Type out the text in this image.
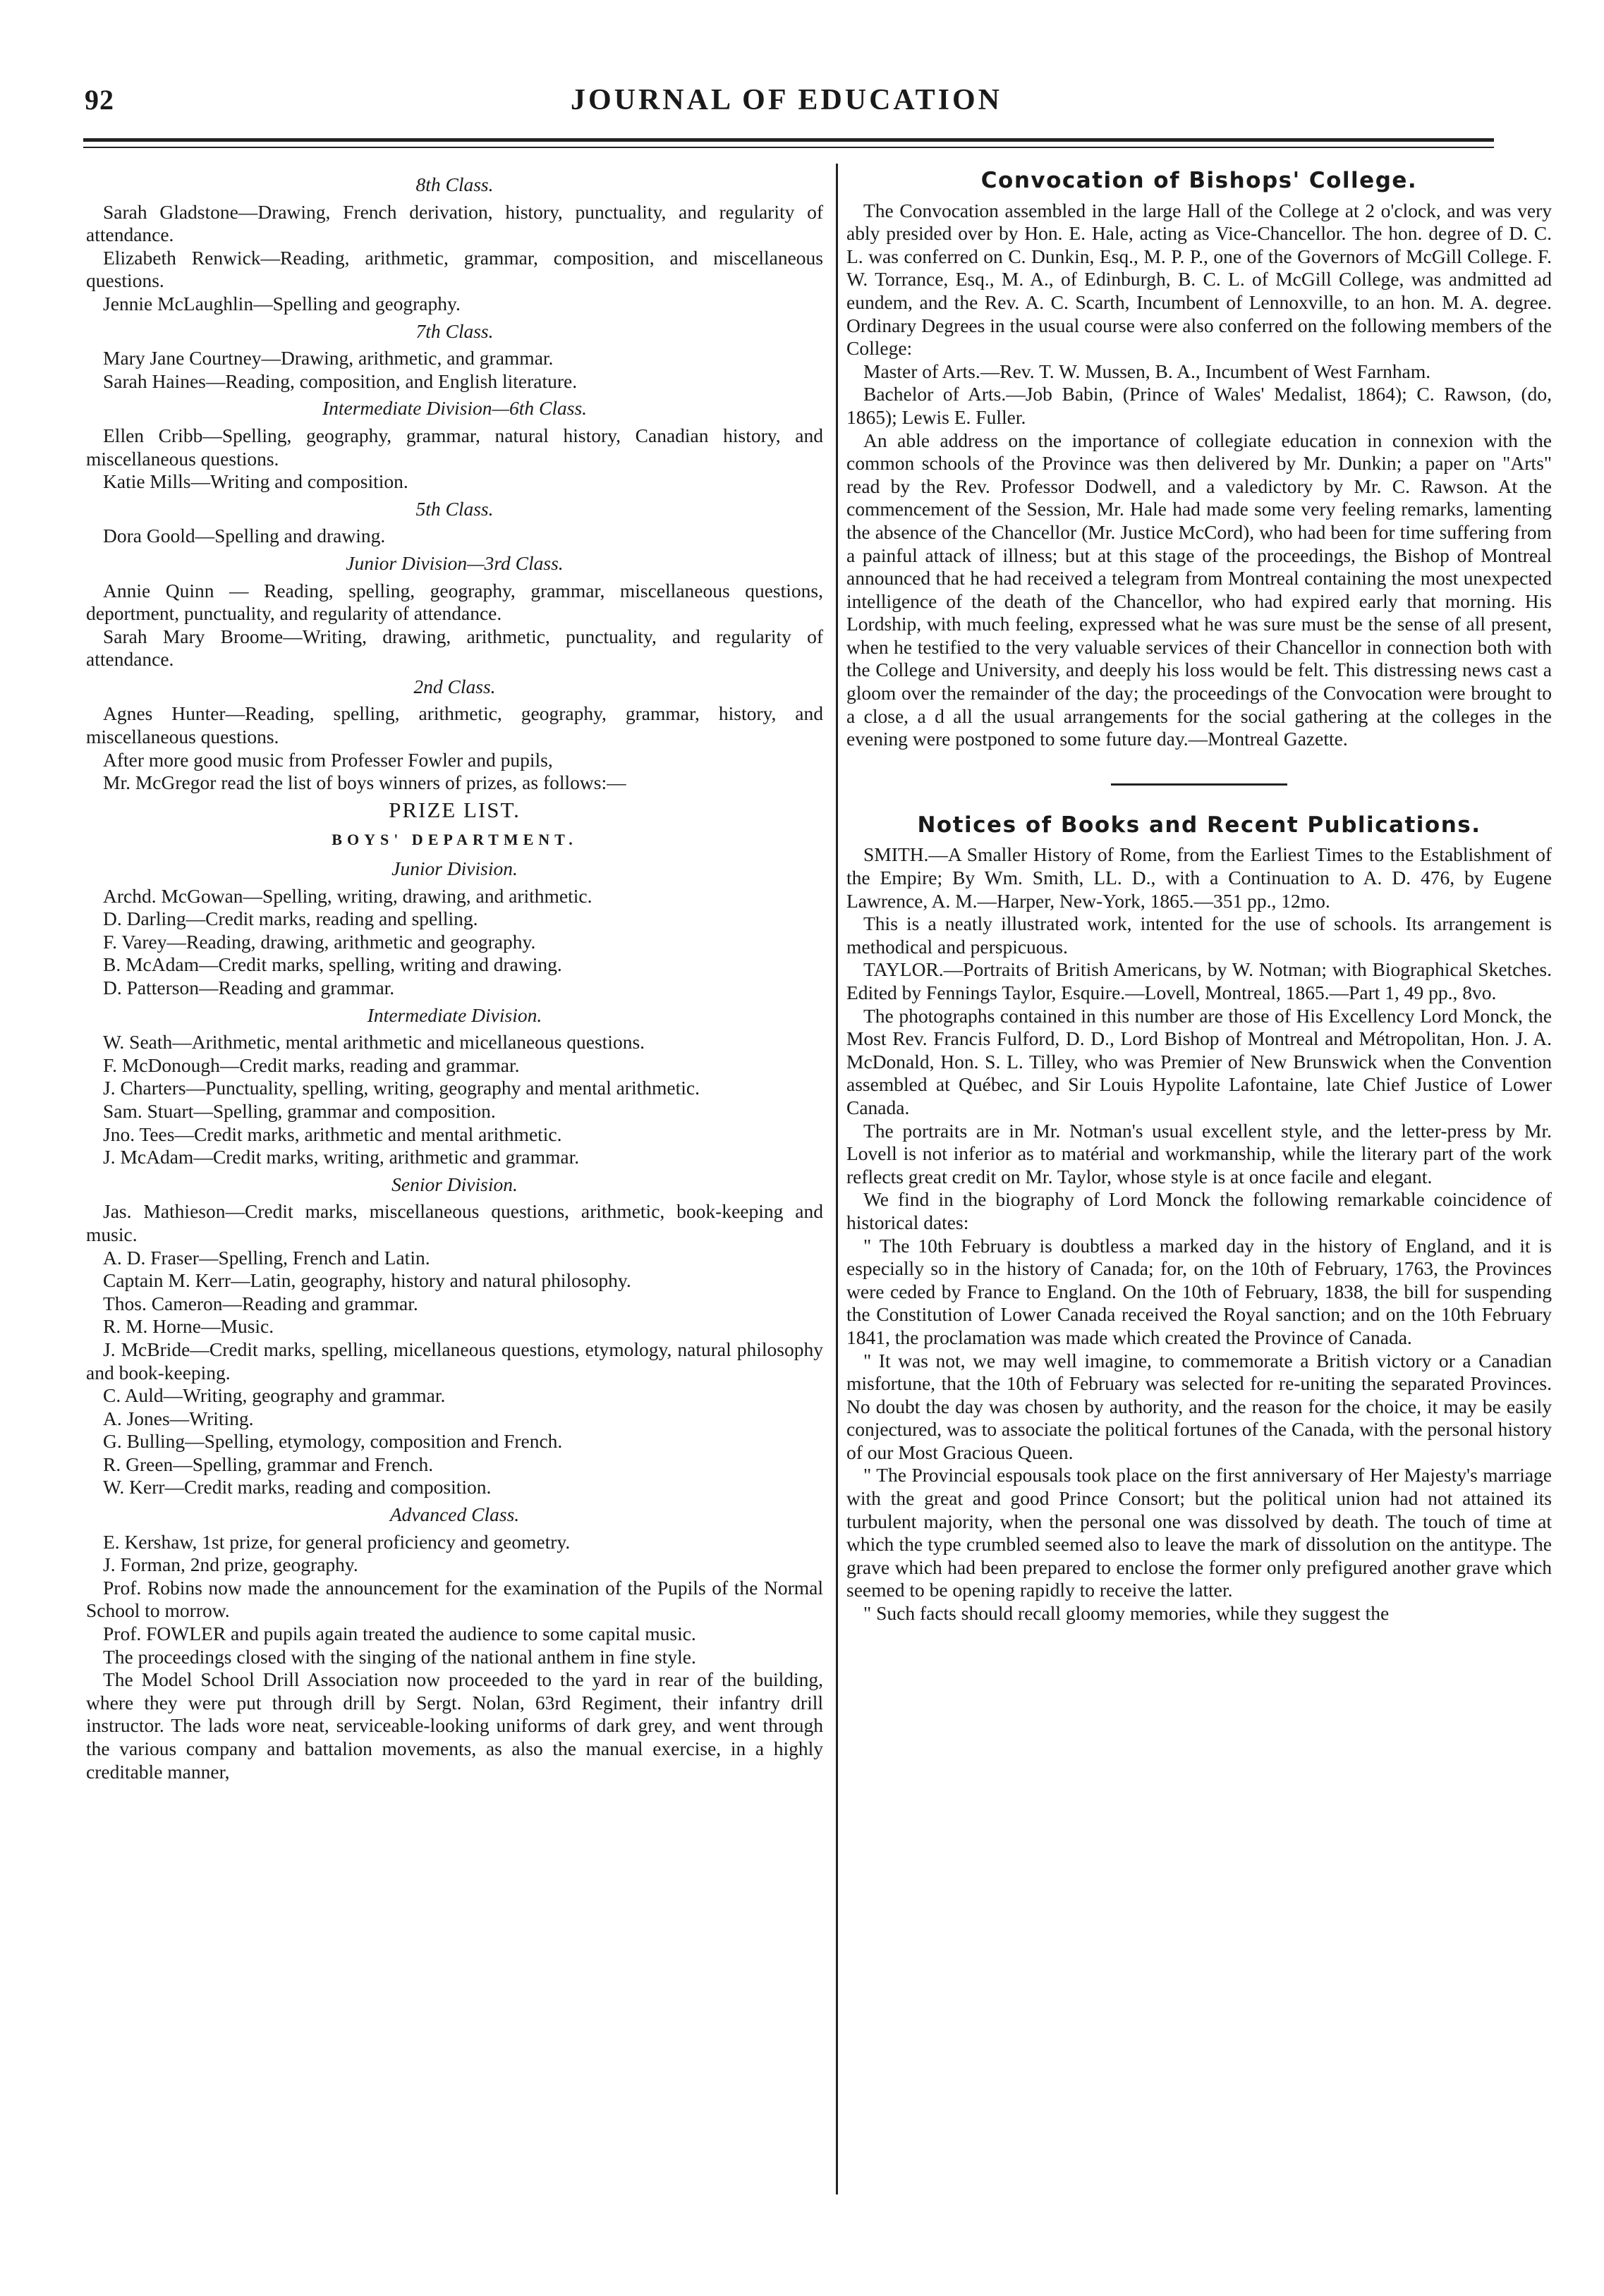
92	JOURNAL OF EDUCATION

8th Class.

Sarah Gladstone—Drawing, French derivation, history, punctuality, and regularity of attendance.

Elizabeth Renwick—Reading, arithmetic, grammar, composition, and miscellaneous questions.

Jennie McLaughlin—Spelling and geography.

7th Class.

Mary Jane Courtney—Drawing, arithmetic, and grammar.

Sarah Haines—Reading, composition, and English literature.

Intermediate Division—6th Class.

Ellen Cribb—Spelling, geography, grammar, natural history, Canadian history, and miscellaneous questions.

Katie Mills—Writing and composition.

5th Class.

Dora Goold—Spelling and drawing.

Junior Division—3rd Class.

Annie Quinn — Reading, spelling, geography, grammar, miscellaneous questions, deportment, punctuality, and regularity of attendance.

Sarah Mary Broome—Writing, drawing, arithmetic, punctuality, and regularity of attendance.

2nd Class.

Agnes Hunter—Reading, spelling, arithmetic, geography, grammar, history, and miscellaneous questions.

After more good music from Professer Fowler and pupils,

Mr. McGregor read the list of boys winners of prizes, as follows:—

PRIZE LIST.

BOYS' DEPARTMENT.

Junior Division.

Archd. McGowan—Spelling, writing, drawing, and arithmetic.

D. Darling—Credit marks, reading and spelling.

F. Varey—Reading, drawing, arithmetic and geography.

B. McAdam—Credit marks, spelling, writing and drawing.

D. Patterson—Reading and grammar.

Intermediate Division.

W. Seath—Arithmetic, mental arithmetic and micellaneous questions.

F. McDonough—Credit marks, reading and grammar.

J. Charters—Punctuality, spelling, writing, geography and mental arithmetic.

Sam. Stuart—Spelling, grammar and composition.

Jno. Tees—Credit marks, arithmetic and mental arithmetic.

J. McAdam—Credit marks, writing, arithmetic and grammar.

Senior Division.

Jas. Mathieson—Credit marks, miscellaneous questions, arithmetic, book-keeping and music.

A. D. Fraser—Spelling, French and Latin.

Captain M. Kerr—Latin, geography, history and natural philosophy.

Thos. Cameron—Reading and grammar.

R. M. Horne—Music.

J. McBride—Credit marks, spelling, micellaneous questions, etymology, natural philosophy and book-keeping.

C. Auld—Writing, geography and grammar.

A. Jones—Writing.

G. Bulling—Spelling, etymology, composition and French.

R. Green—Spelling, grammar and French.

W. Kerr—Credit marks, reading and composition.

Advanced Class.

E. Kershaw, 1st prize, for general proficiency and geometry.

J. Forman, 2nd prize, geography.

Prof. Robins now made the announcement for the examination of the Pupils of the Normal School to morrow.

Prof. FOWLER and pupils again treated the audience to some capital music.

The proceedings closed with the singing of the national anthem in fine style.

The Model School Drill Association now proceeded to the yard in rear of the building, where they were put through drill by Sergt. Nolan, 63rd Regiment, their infantry drill instructor. The lads wore neat, serviceable-looking uniforms of dark grey, and went through the various company and battalion movements, as also the manual exercise, in a highly creditable manner,

Convocation of Bishops' College.

The Convocation assembled in the large Hall of the College at 2 o'clock, and was very ably presided over by Hon. E. Hale, acting as Vice-Chancellor. The hon. degree of D. C. L. was conferred on C. Dunkin, Esq., M. P. P., one of the Governors of McGill College. F. W. Torrance, Esq., M. A., of Edinburgh, B. C. L. of McGill College, was andmitted ad eundem, and the Rev. A. C. Scarth, Incumbent of Lennoxville, to an hon. M. A. degree. Ordinary Degrees in the usual course were also conferred on the following members of the College:

Master of Arts.—Rev. T. W. Mussen, B. A., Incumbent of West Farnham.

Bachelor of Arts.—Job Babin, (Prince of Wales' Medalist, 1864); C. Rawson, (do, 1865); Lewis E. Fuller.

An able address on the importance of collegiate education in connexion with the common schools of the Province was then delivered by Mr. Dunkin; a paper on "Arts" read by the Rev. Professor Dodwell, and a valedictory by Mr. C. Rawson. At the commencement of the Session, Mr. Hale had made some very feeling remarks, lamenting the absence of the Chancellor (Mr. Justice McCord), who had been for time suffering from a painful attack of illness; but at this stage of the proceedings, the Bishop of Montreal announced that he had received a telegram from Montreal containing the most unexpected intelligence of the death of the Chancellor, who had expired early that morning. His Lordship, with much feeling, expressed what he was sure must be the sense of all present, when he testified to the very valuable services of their Chancellor in connection both with the College and University, and deeply his loss would be felt. This distressing news cast a gloom over the remainder of the day; the proceedings of the Convocation were brought to a close, a d all the usual arrangements for the social gathering at the colleges in the evening were postponed to some future day.—Montreal Gazette.

Notices of Books and Recent Publications.

SMITH.—A Smaller History of Rome, from the Earliest Times to the Establishment of the Empire; By Wm. Smith, LL. D., with a Continuation to A. D. 476, by Eugene Lawrence, A. M.—Harper, New-York, 1865.—351 pp., 12mo.

This is a neatly illustrated work, intented for the use of schools. Its arrangement is methodical and perspicuous.

TAYLOR.—Portraits of British Americans, by W. Notman; with Biographical Sketches. Edited by Fennings Taylor, Esquire.—Lovell, Montreal, 1865.—Part 1, 49 pp., 8vo.

The photographs contained in this number are those of His Excellency Lord Monck, the Most Rev. Francis Fulford, D. D., Lord Bishop of Montreal and Métropolitan, Hon. J. A. McDonald, Hon. S. L. Tilley, who was Premier of New Brunswick when the Convention assembled at Québec, and Sir Louis Hypolite Lafontaine, late Chief Justice of Lower Canada.

The portraits are in Mr. Notman's usual excellent style, and the letter-press by Mr. Lovell is not inferior as to matérial and workmanship, while the literary part of the work reflects great credit on Mr. Taylor, whose style is at once facile and elegant.

We find in the biography of Lord Monck the following remarkable coincidence of historical dates:

" The 10th February is doubtless a marked day in the history of England, and it is especially so in the history of Canada; for, on the 10th of February, 1763, the Provinces were ceded by France to England. On the 10th of February, 1838, the bill for suspending the Constitution of Lower Canada received the Royal sanction; and on the 10th February 1841, the proclamation was made which created the Province of Canada.

" It was not, we may well imagine, to commemorate a British victory or a Canadian misfortune, that the 10th of February was selected for re-uniting the separated Provinces. No doubt the day was chosen by authority, and the reason for the choice, it may be easily conjectured, was to associate the political fortunes of the Canada, with the personal history of our Most Gracious Queen.

" The Provincial espousals took place on the first anniversary of Her Majesty's marriage with the great and good Prince Consort; but the political union had not attained its turbulent majority, when the personal one was dissolved by death. The touch of time at which the type crumbled seemed also to leave the mark of dissolution on the antitype. The grave which had been prepared to enclose the former only prefigured another grave which seemed to be opening rapidly to receive the latter.

" Such facts should recall gloomy memories, while they suggest the
